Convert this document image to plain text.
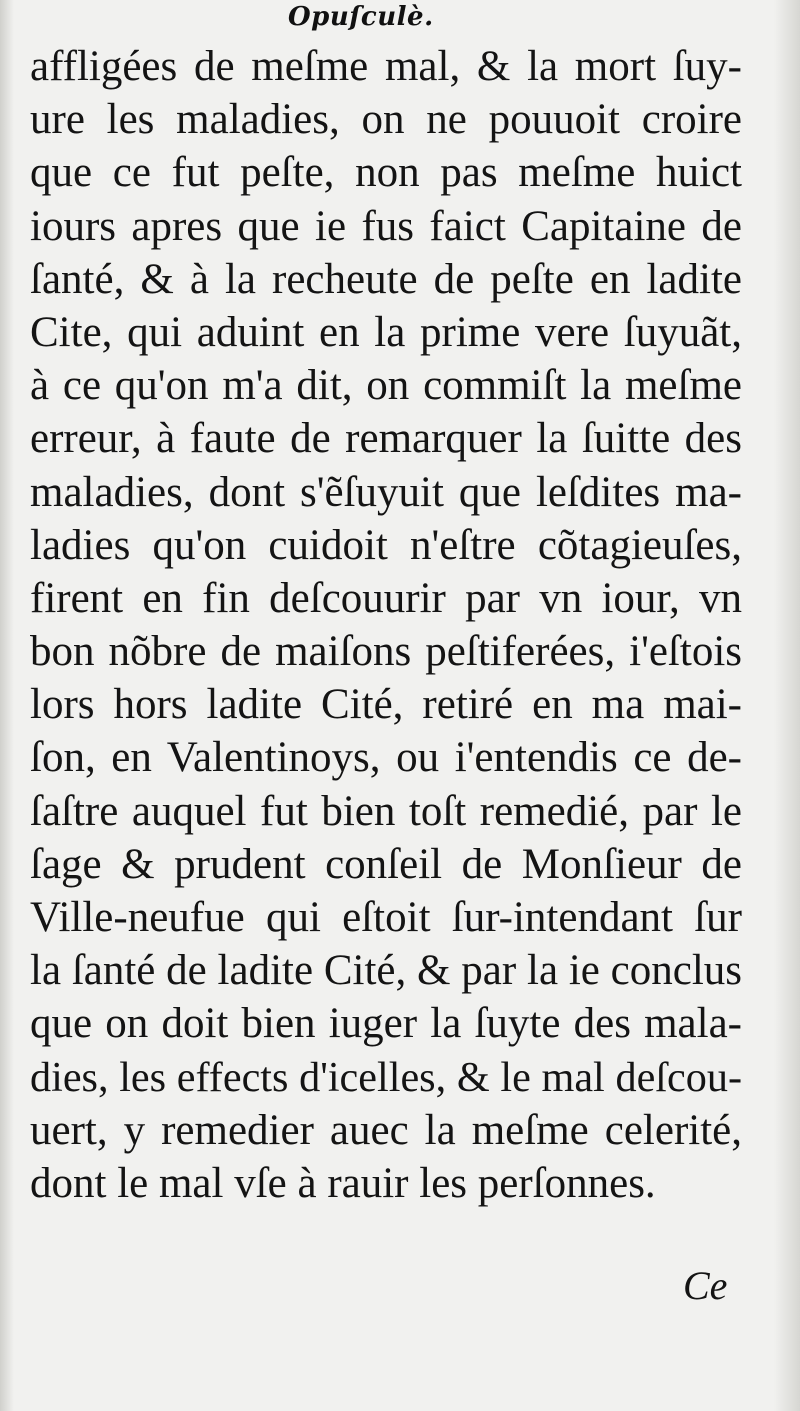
Opuſculè.
affligées de meſme mal, & la mort ſuy-
ure les maladies, on ne pouuoit croire
que ce fut peſte, non pas meſme huict
iours apres que ie fus faict Capitaine de
ſanté, & à la recheute de peſte en ladite
Cite, qui aduint en la prime vere ſuyuãt,
à ce qu'on m'a dit, on commiſt la meſme
erreur, à faute de remarquer la ſuitte des
maladies, dont s'ẽſuyuit que leſdites ma-
ladies qu'on cuidoit n'eſtre cõtagieuſes,
firent en fin deſcouurir par vn iour, vn
bon nõbre de maiſons peſtiferées, i'eſtois
lors hors ladite Cité, retiré en ma mai-
ſon, en Valentinoys, ou i'entendis ce de-
ſaſtre auquel fut bien toſt remedié, par le
ſage & prudent conſeil de Monſieur de
Ville-neufue qui eſtoit ſur-intendant ſur
la ſanté de ladite Cité, & par la ie conclus
que on doit bien iuger la ſuyte des mala-
dies, les effects d'icelles, & le mal deſcou-
uert, y remedier auec la meſme celerité,
dont le mal vſe à rauir les perſonnes.
Ce
